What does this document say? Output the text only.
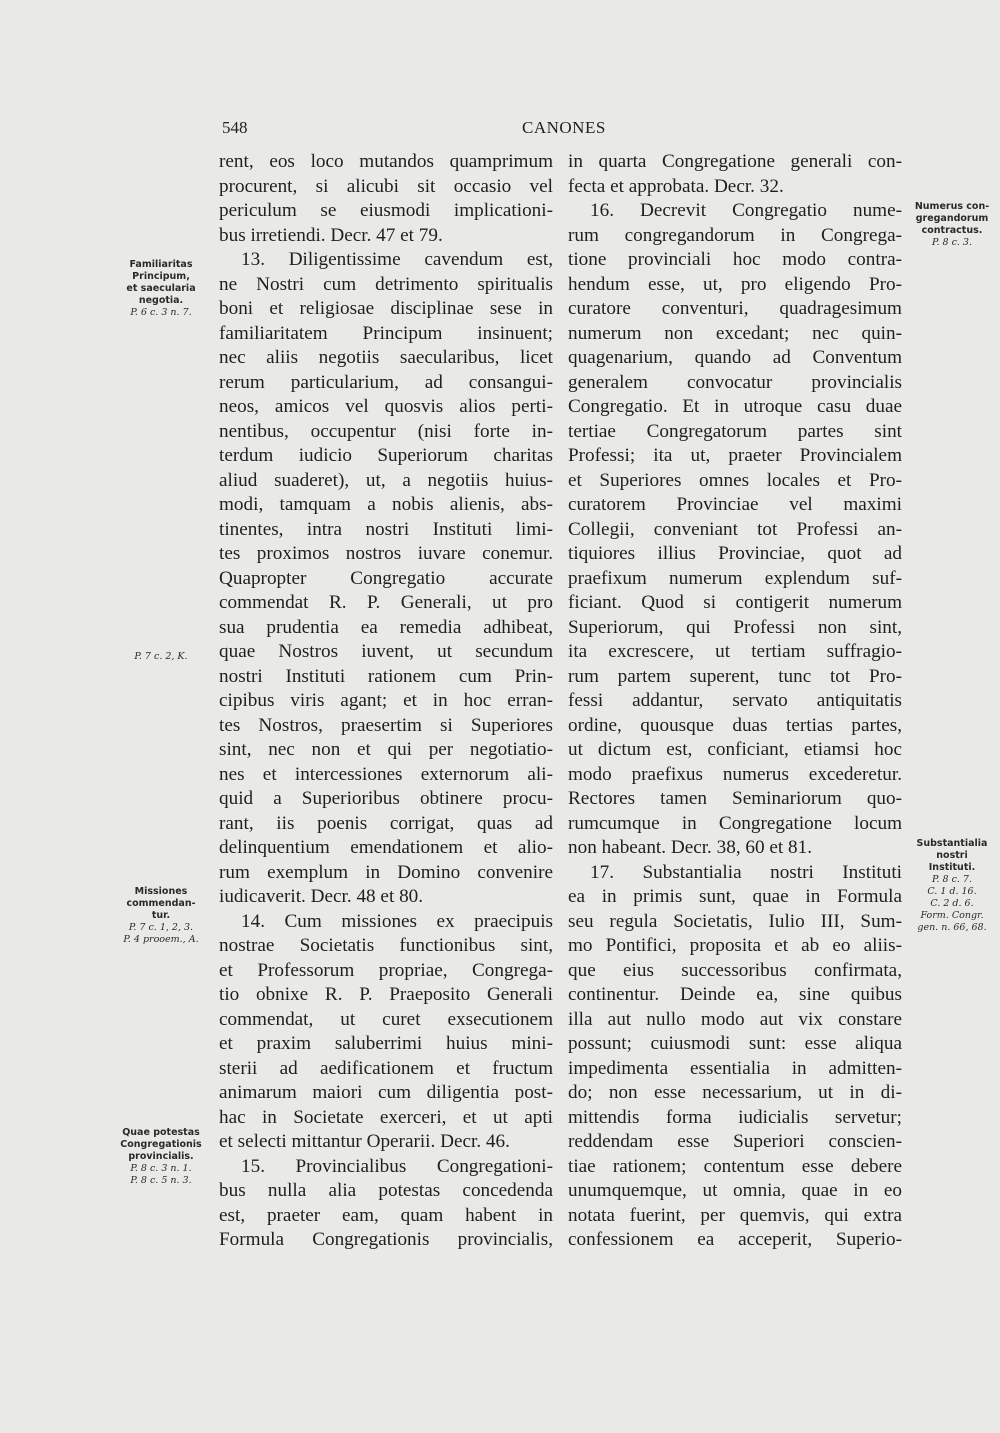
548	CANONES
rent, eos loco mutandos quamprimum
procurent, si alicubi sit occasio vel
periculum se eiusmodi implicationi-
bus irretiendi. Decr. 47 et 79.
13. Diligentissime cavendum est,
ne Nostri cum detrimento spiritualis
boni et religiosae disciplinae sese in
familiaritatem Principum insinuent;
nec aliis negotiis saecularibus, licet
rerum particularium, ad consangui-
neos, amicos vel quosvis alios perti-
nentibus, occupentur (nisi forte in-
terdum iudicio Superiorum charitas
aliud suaderet), ut, a negotiis huius-
modi, tamquam a nobis alienis, abs-
tinentes, intra nostri Instituti limi-
tes proximos nostros iuvare conemur.
Quapropter Congregatio accurate
commendat R. P. Generali, ut pro
sua prudentia ea remedia adhibeat,
quae Nostros iuvent, ut secundum
nostri Instituti rationem cum Prin-
cipibus viris agant; et in hoc erran-
tes Nostros, praesertim si Superiores
sint, nec non et qui per negotiatio-
nes et intercessiones externorum ali-
quid a Superioribus obtinere procu-
rant, iis poenis corrigat, quas ad
delinquentium emendationem et alio-
rum exemplum in Domino convenire
iudicaverit. Decr. 48 et 80.
14. Cum missiones ex praecipuis
nostrae Societatis functionibus sint,
et Professorum propriae, Congrega-
tio obnixe R. P. Praeposito Generali
commendat, ut curet exsecutionem
et praxim saluberrimi huius mini-
sterii ad aedificationem et fructum
animarum maiori cum diligentia post-
hac in Societate exerceri, et ut apti
et selecti mittantur Operarii. Decr. 46.
15. Provincialibus Congregationi-
bus nulla alia potestas concedenda
est, praeter eam, quam habent in
Formula Congregationis provincialis,
in quarta Congregatione generali con-
fecta et approbata. Decr. 32.
16. Decrevit Congregatio nume-
rum congregandorum in Congrega-
tione provinciali hoc modo contra-
hendum esse, ut, pro eligendo Pro-
curatore conventuri, quadragesimum
numerum non excedant; nec quin-
quagenarium, quando ad Conventum
generalem convocatur provincialis
Congregatio. Et in utroque casu duae
tertiae Congregatorum partes sint
Professi; ita ut, praeter Provincialem
et Superiores omnes locales et Pro-
curatorem Provinciae vel maximi
Collegii, conveniant tot Professi an-
tiquiores illius Provinciae, quot ad
praefixum numerum explendum suf-
ficiant. Quod si contigerit numerum
Superiorum, qui Professi non sint,
ita excrescere, ut tertiam suffragio-
rum partem superent, tunc tot Pro-
fessi addantur, servato antiquitatis
ordine, quousque duas tertias partes,
ut dictum est, conficiant, etiamsi hoc
modo praefixus numerus excederetur.
Rectores tamen Seminariorum quo-
rumcumque in Congregatione locum
non habeant. Decr. 38, 60 et 81.
17. Substantialia nostri Instituti
ea in primis sunt, quae in Formula
seu regula Societatis, Iulio III, Sum-
mo Pontifici, proposita et ab eo aliis-
que eius successoribus confirmata,
continentur. Deinde ea, sine quibus
illa aut nullo modo aut vix constare
possunt; cuiusmodi sunt: esse aliqua
impedimenta essentialia in admitten-
do; non esse necessarium, ut in di-
mittendis forma iudicialis servetur;
reddendam esse Superiori conscien-
tiae rationem; contentum esse debere
unumquemque, ut omnia, quae in eo
notata fuerint, per quemvis, qui extra
confessionem ea acceperit, Superio-
Familiaritas
Principum,
et saecularia
negotia.
P. 6 c. 3 n. 7.
P. 7 c. 2, K.
Missiones
commendan-
tur.
P. 7 c. 1, 2, 3.
P. 4 prooem., A.
Quae potestas
Congregationis
provincialis.
P. 8 c. 3 n. 1.
P. 8 c. 5 n. 3.
Numerus con-
gregandorum
contractus.
P. 8 c. 3.
Substantialia
nostri
Instituti.
P. 8 c. 7.
C. 1 d. 16.
C. 2 d. 6.
Form. Congr.
gen. n. 66, 68.
